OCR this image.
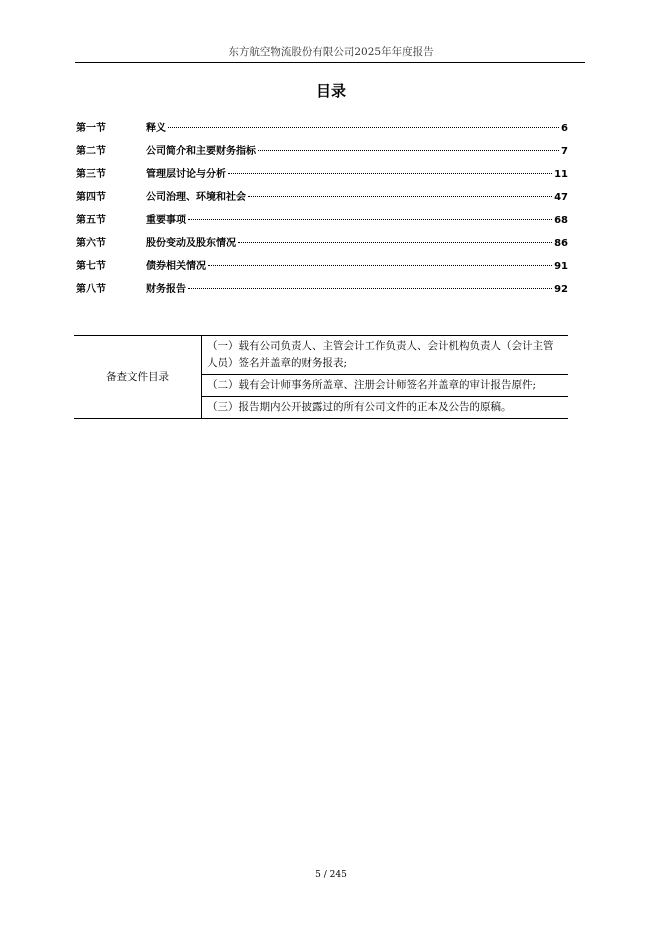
东方航空物流股份有限公司2025年年度报告
目录
第一节	释义	6
第二节	公司简介和主要财务指标	7
第三节	管理层讨论与分析	11
第四节	公司治理、环境和社会	47
第五节	重要事项	68
第六节	股份变动及股东情况	86
第七节	债券相关情况	91
第八节	财务报告	92
备查文件目录	（一）载有公司负责人、主管会计工作负责人、会计机构负责人（会计主管人员）签名并盖章的财务报表;
（二）载有会计师事务所盖章、注册会计师签名并盖章的审计报告原件;
（三）报告期内公开披露过的所有公司文件的正本及公告的原稿。
5 / 245
